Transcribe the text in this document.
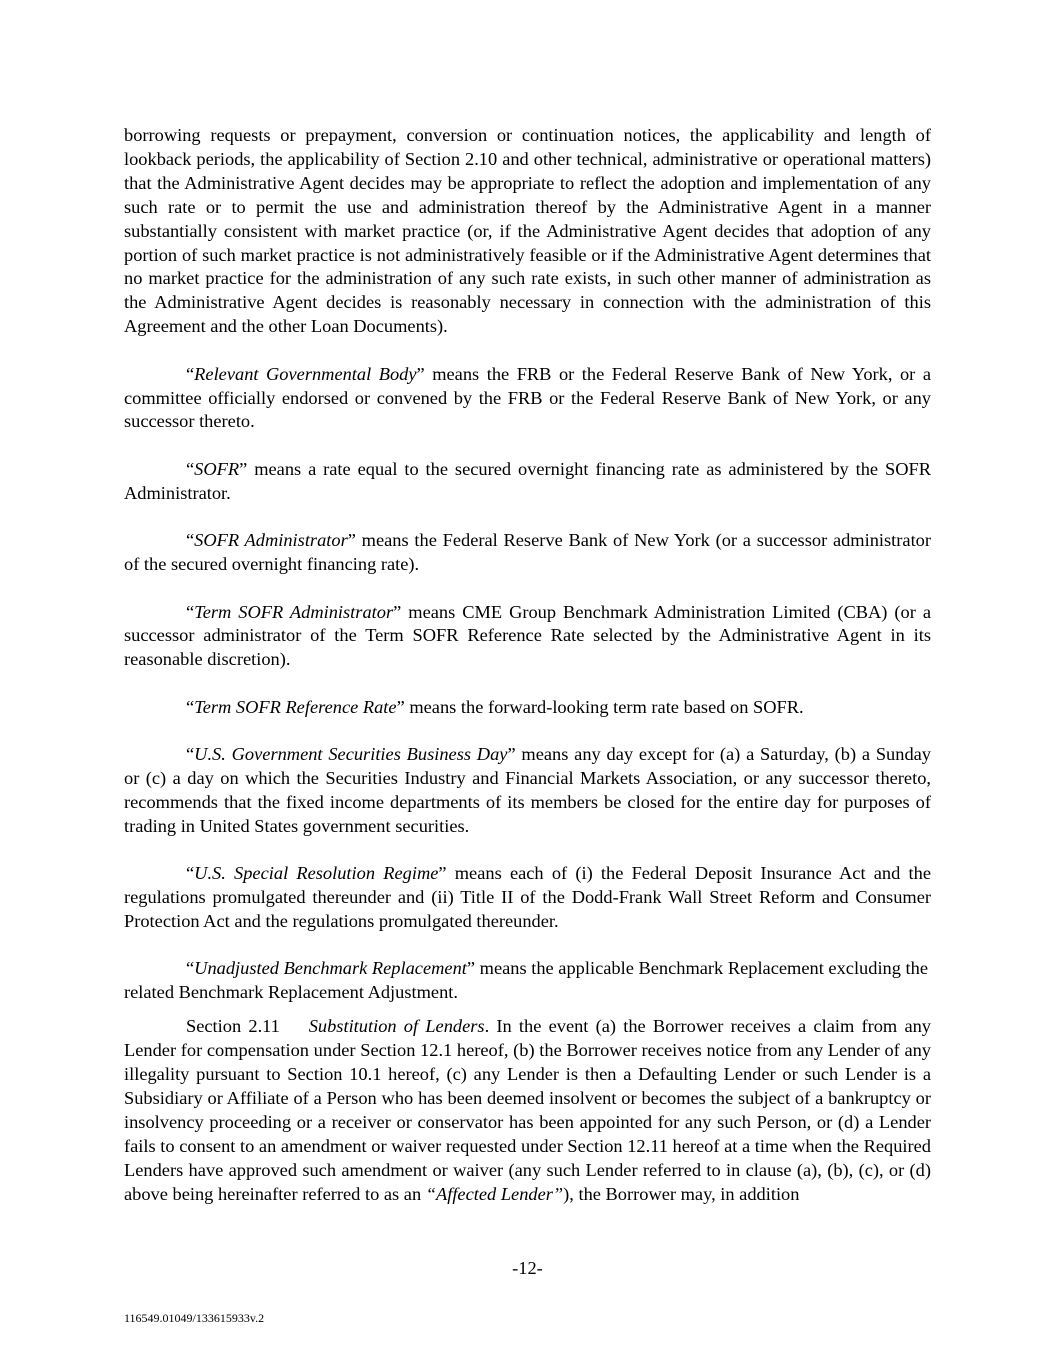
borrowing requests or prepayment, conversion or continuation notices, the applicability and length of lookback periods, the applicability of Section 2.10 and other technical, administrative or operational matters) that the Administrative Agent decides may be appropriate to reflect the adoption and implementation of any such rate or to permit the use and administration thereof by the Administrative Agent in a manner substantially consistent with market practice (or, if the Administrative Agent decides that adoption of any portion of such market practice is not administratively feasible or if the Administrative Agent determines that no market practice for the administration of any such rate exists, in such other manner of administration as the Administrative Agent decides is reasonably necessary in connection with the administration of this Agreement and the other Loan Documents).

“Relevant Governmental Body” means the FRB or the Federal Reserve Bank of New York, or a committee officially endorsed or convened by the FRB or the Federal Reserve Bank of New York, or any successor thereto.

“SOFR” means a rate equal to the secured overnight financing rate as administered by the SOFR Administrator.

“SOFR Administrator” means the Federal Reserve Bank of New York (or a successor administrator of the secured overnight financing rate).

“Term SOFR Administrator” means CME Group Benchmark Administration Limited (CBA) (or a successor administrator of the Term SOFR Reference Rate selected by the Administrative Agent in its reasonable discretion).

“Term SOFR Reference Rate” means the forward-looking term rate based on SOFR.

“U.S. Government Securities Business Day” means any day except for (a) a Saturday, (b) a Sunday or (c) a day on which the Securities Industry and Financial Markets Association, or any successor thereto, recommends that the fixed income departments of its members be closed for the entire day for purposes of trading in United States government securities.

“U.S. Special Resolution Regime” means each of (i) the Federal Deposit Insurance Act and the regulations promulgated thereunder and (ii) Title II of the Dodd-Frank Wall Street Reform and Consumer Protection Act and the regulations promulgated thereunder.

“Unadjusted Benchmark Replacement” means the applicable Benchmark Replacement excluding the related Benchmark Replacement Adjustment.

Section 2.11 Substitution of Lenders. In the event (a) the Borrower receives a claim from any Lender for compensation under Section 12.1 hereof, (b) the Borrower receives notice from any Lender of any illegality pursuant to Section 10.1 hereof, (c) any Lender is then a Defaulting Lender or such Lender is a Subsidiary or Affiliate of a Person who has been deemed insolvent or becomes the subject of a bankruptcy or insolvency proceeding or a receiver or conservator has been appointed for any such Person, or (d) a Lender fails to consent to an amendment or waiver requested under Section 12.11 hereof at a time when the Required Lenders have approved such amendment or waiver (any such Lender referred to in clause (a), (b), (c), or (d) above being hereinafter referred to as an “Affected Lender”), the Borrower may, in addition

-12-
116549.01049/133615933v.2
